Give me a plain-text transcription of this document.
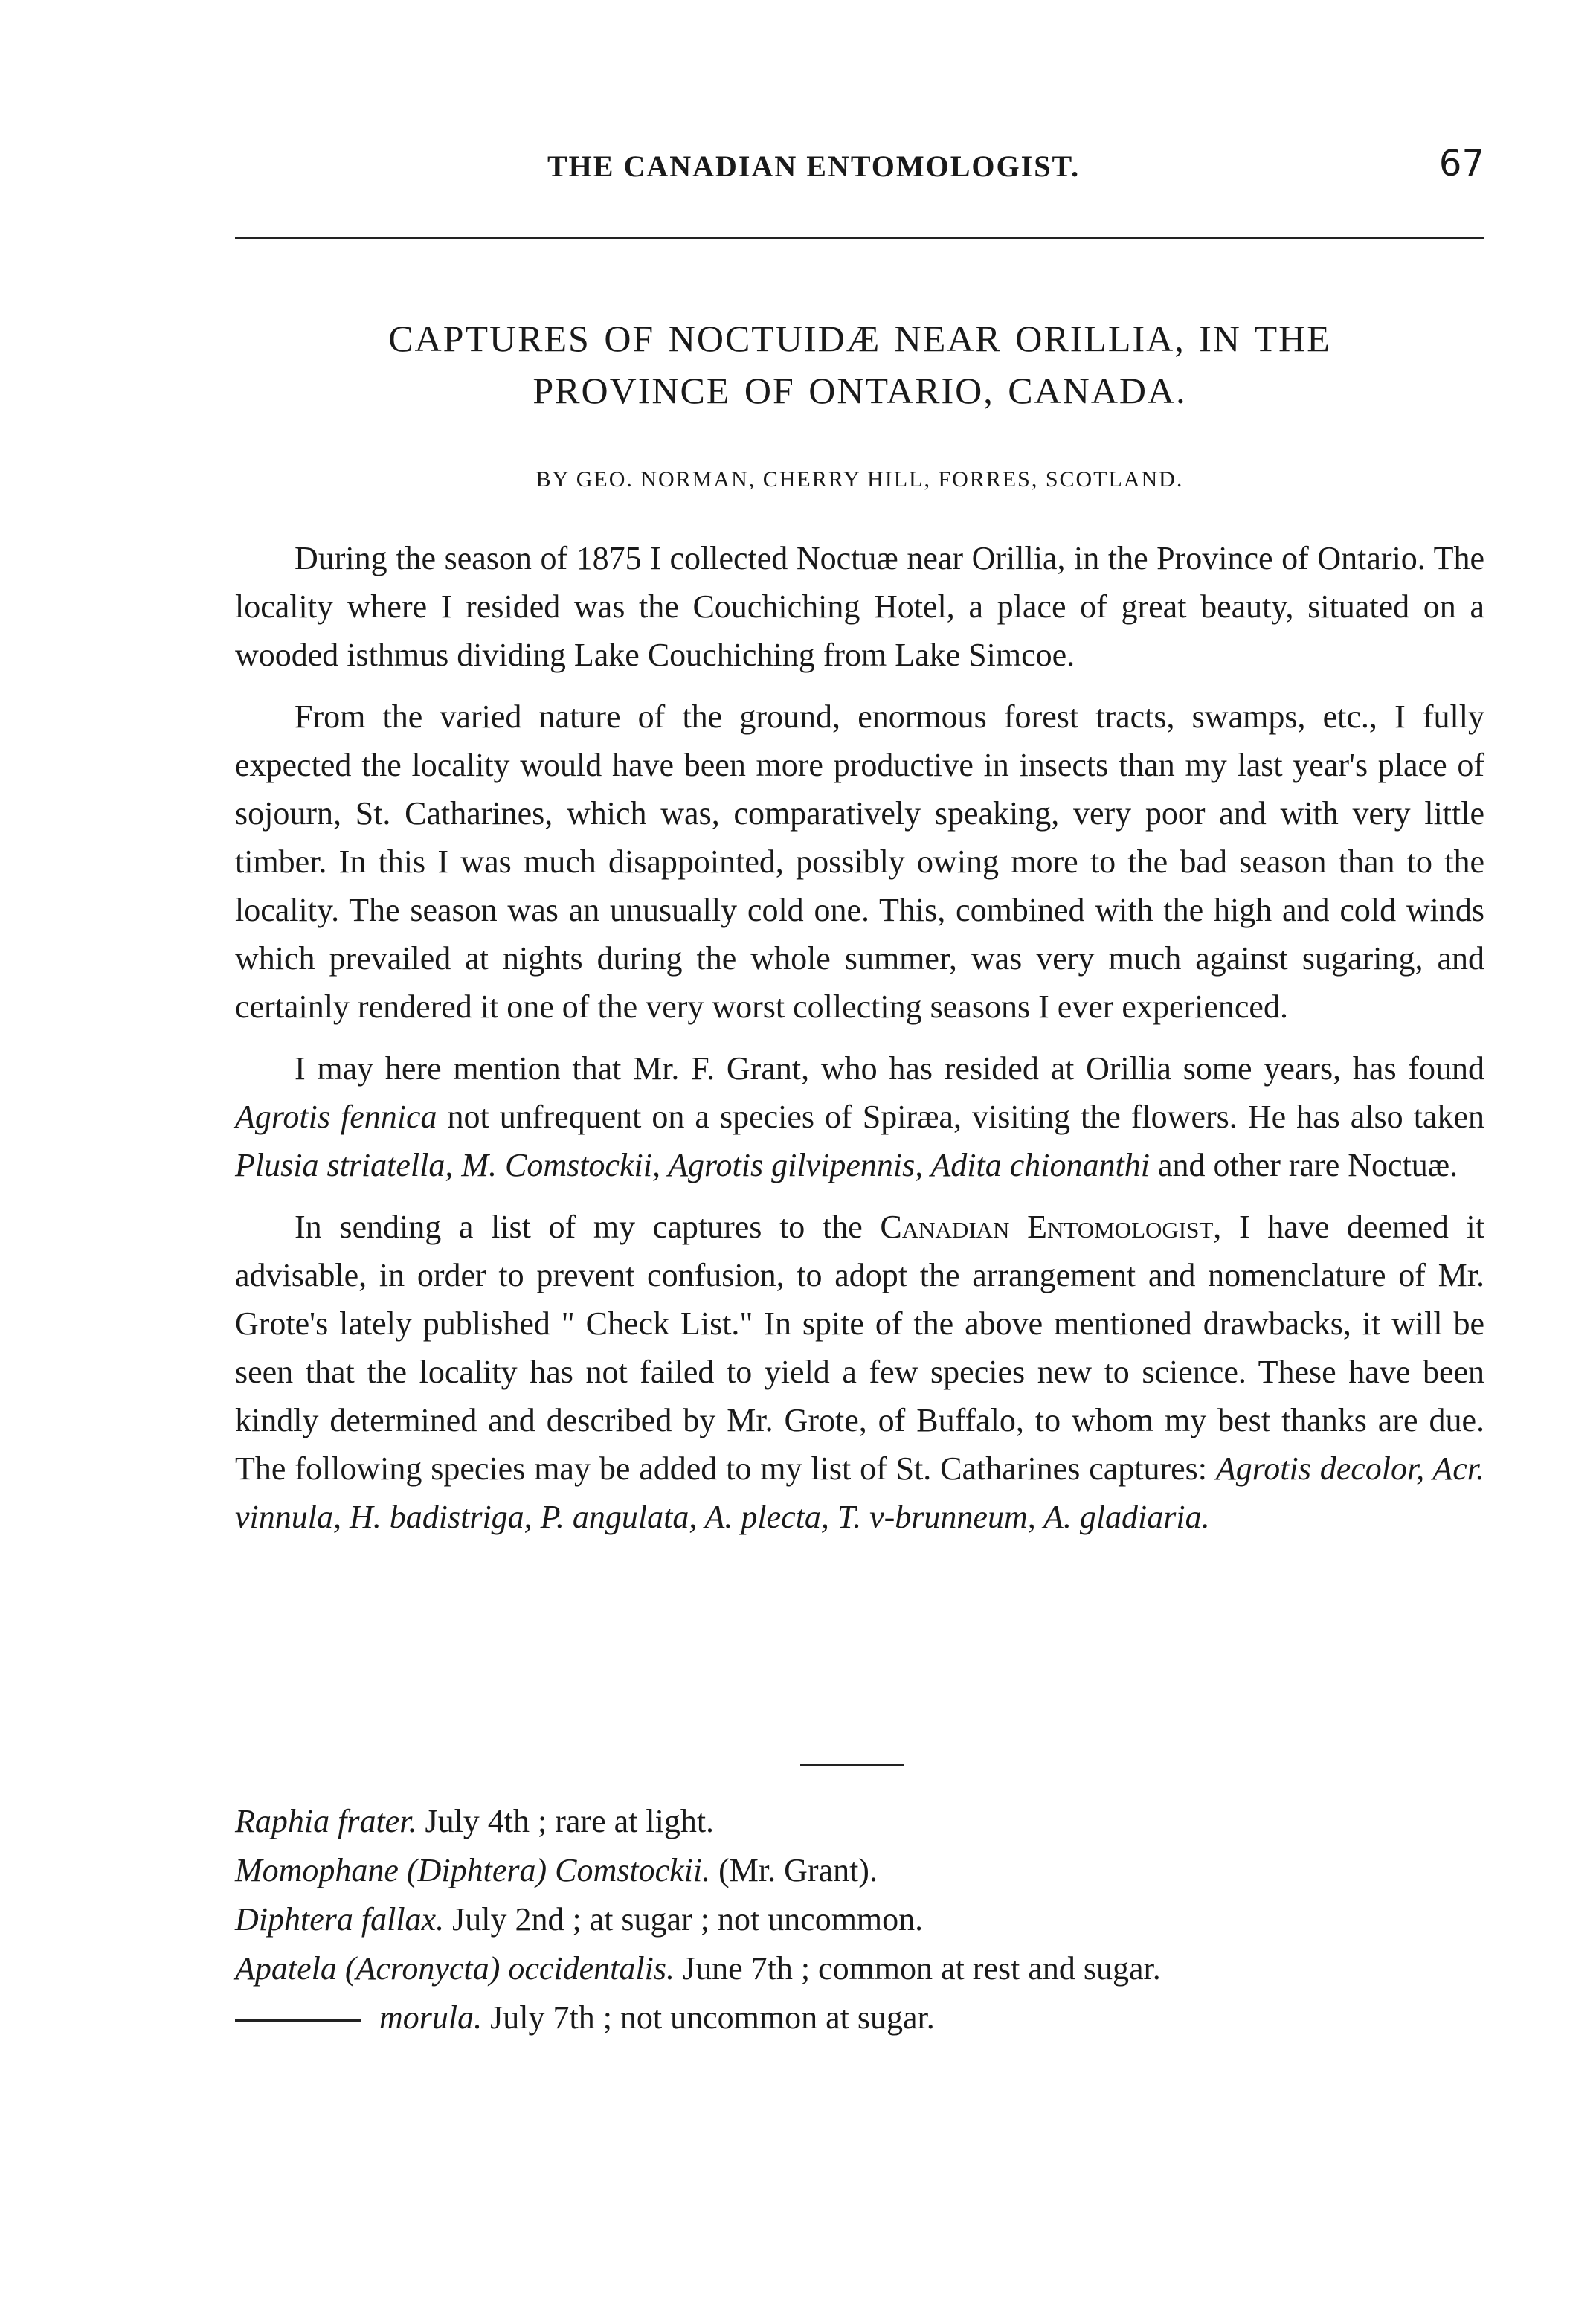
THE CANADIAN ENTOMOLOGIST.	67
CAPTURES OF NOCTUIDÆ NEAR ORILLIA, IN THE
PROVINCE OF ONTARIO, CANADA.
BY GEO. NORMAN, CHERRY HILL, FORRES, SCOTLAND.

During the season of 1875 I collected Noctuæ near Orillia, in the Province of Ontario. The locality where I resided was the Couchiching Hotel, a place of great beauty, situated on a wooded isthmus dividing Lake Couchiching from Lake Simcoe.

From the varied nature of the ground, enormous forest tracts, swamps, etc., I fully expected the locality would have been more productive in insects than my last year's place of sojourn, St. Catharines, which was, comparatively speaking, very poor and with very little timber. In this I was much disappointed, possibly owing more to the bad season than to the locality. The season was an unusually cold one. This, combined with the high and cold winds which prevailed at nights during the whole summer, was very much against sugaring, and certainly rendered it one of the very worst collecting seasons I ever experienced.

I may here mention that Mr. F. Grant, who has resided at Orillia some years, has found Agrotis fennica not unfrequent on a species of Spiræa, visiting the flowers. He has also taken Plusia striatella, M. Comstockii, Agrotis gilvipennis, Adita chionanthi and other rare Noctuæ.

In sending a list of my captures to the Canadian Entomologist, I have deemed it advisable, in order to prevent confusion, to adopt the arrangement and nomenclature of Mr. Grote's lately published " Check List." In spite of the above mentioned drawbacks, it will be seen that the locality has not failed to yield a few species new to science. These have been kindly determined and described by Mr. Grote, of Buffalo, to whom my best thanks are due. The following species may be added to my list of St. Catharines captures: Agrotis decolor, Acr. vinnula, H. badistriga, P. angulata, A. plecta, T. v-brunneum, A. gladiaria.

Raphia frater. July 4th ; rare at light.
Momophane (Diphtera) Comstockii. (Mr. Grant).
Diphtera fallax. July 2nd ; at sugar ; not uncommon.
Apatela (Acronycta) occidentalis. June 7th ; common at rest and sugar.
morula. July 7th ; not uncommon at sugar.
